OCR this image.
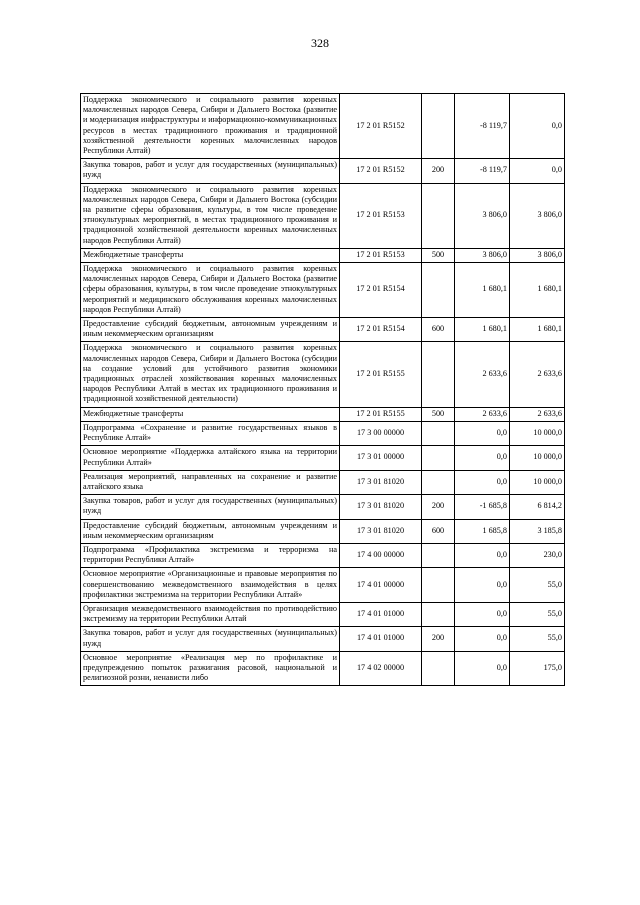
328
Поддержка экономического и социального развития коренных малочисленных народов Севера, Сибири и Дальнего Востока (развитие и модернизация инфраструктуры и информационно-коммуникационных ресурсов в местах традиционного проживания и традиционной хозяйственной деятельности коренных малочисленных народов Республики Алтай)	17 2 01 R5152		-8 119,7	0,0
Закупка товаров, работ и услуг для государственных (муниципальных) нужд	17 2 01 R5152	200	-8 119,7	0,0
Поддержка экономического и социального развития коренных малочисленных народов Севера, Сибири и Дальнего Востока (субсидии на развитие сферы образования, культуры, в том числе проведение этнокультурных мероприятий, в местах традиционного проживания и традиционной хозяйственной деятельности коренных малочисленных народов Республики Алтай)	17 2 01 R5153		3 806,0	3 806,0
Межбюджетные трансферты	17 2 01 R5153	500	3 806,0	3 806,0
Поддержка экономического и социального развития коренных малочисленных народов Севера, Сибири и Дальнего Востока (развитие сферы образования, культуры, в том числе проведение этнокультурных мероприятий и медицинского обслуживания коренных малочисленных народов Республики Алтай)	17 2 01 R5154		1 680,1	1 680,1
Предоставление субсидий бюджетным, автономным учреждениям и иным некоммерческим организациям	17 2 01 R5154	600	1 680,1	1 680,1
Поддержка экономического и социального развития коренных малочисленных народов Севера, Сибири и Дальнего Востока (субсидии на создание условий для устойчивого развития экономики традиционных отраслей хозяйствования коренных малочисленных народов Республики Алтай в местах их традиционного проживания и традиционной хозяйственной деятельности)	17 2 01 R5155		2 633,6	2 633,6
Межбюджетные трансферты	17 2 01 R5155	500	2 633,6	2 633,6
Подпрограмма «Сохранение и развитие государственных языков в Республике Алтай»	17 3 00 00000		0,0	10 000,0
Основное мероприятие «Поддержка алтайского языка на территории Республики Алтай»	17 3 01 00000		0,0	10 000,0
Реализация мероприятий, направленных на сохранение и развитие алтайского языка	17 3 01 81020		0,0	10 000,0
Закупка товаров, работ и услуг для государственных (муниципальных) нужд	17 3 01 81020	200	-1 685,8	6 814,2
Предоставление субсидий бюджетным, автономным учреждениям и иным некоммерческим организациям	17 3 01 81020	600	1 685,8	3 185,8
Подпрограмма «Профилактика экстремизма и терроризма на территории Республики Алтай»	17 4 00 00000		0,0	230,0
Основное мероприятие «Организационные и правовые мероприятия по совершенствованию межведомственного взаимодействия в целях профилактики экстремизма на территории Республики Алтай»	17 4 01 00000		0,0	55,0
Организация межведомственного взаимодействия по противодействию экстремизму на территории Республики Алтай	17 4 01 01000		0,0	55,0
Закупка товаров, работ и услуг для государственных (муниципальных) нужд	17 4 01 01000	200	0,0	55,0
Основное мероприятие «Реализация мер по профилактике и предупреждению попыток разжигания расовой, национальной и религиозной розни, ненависти либо	17 4 02 00000		0,0	175,0
